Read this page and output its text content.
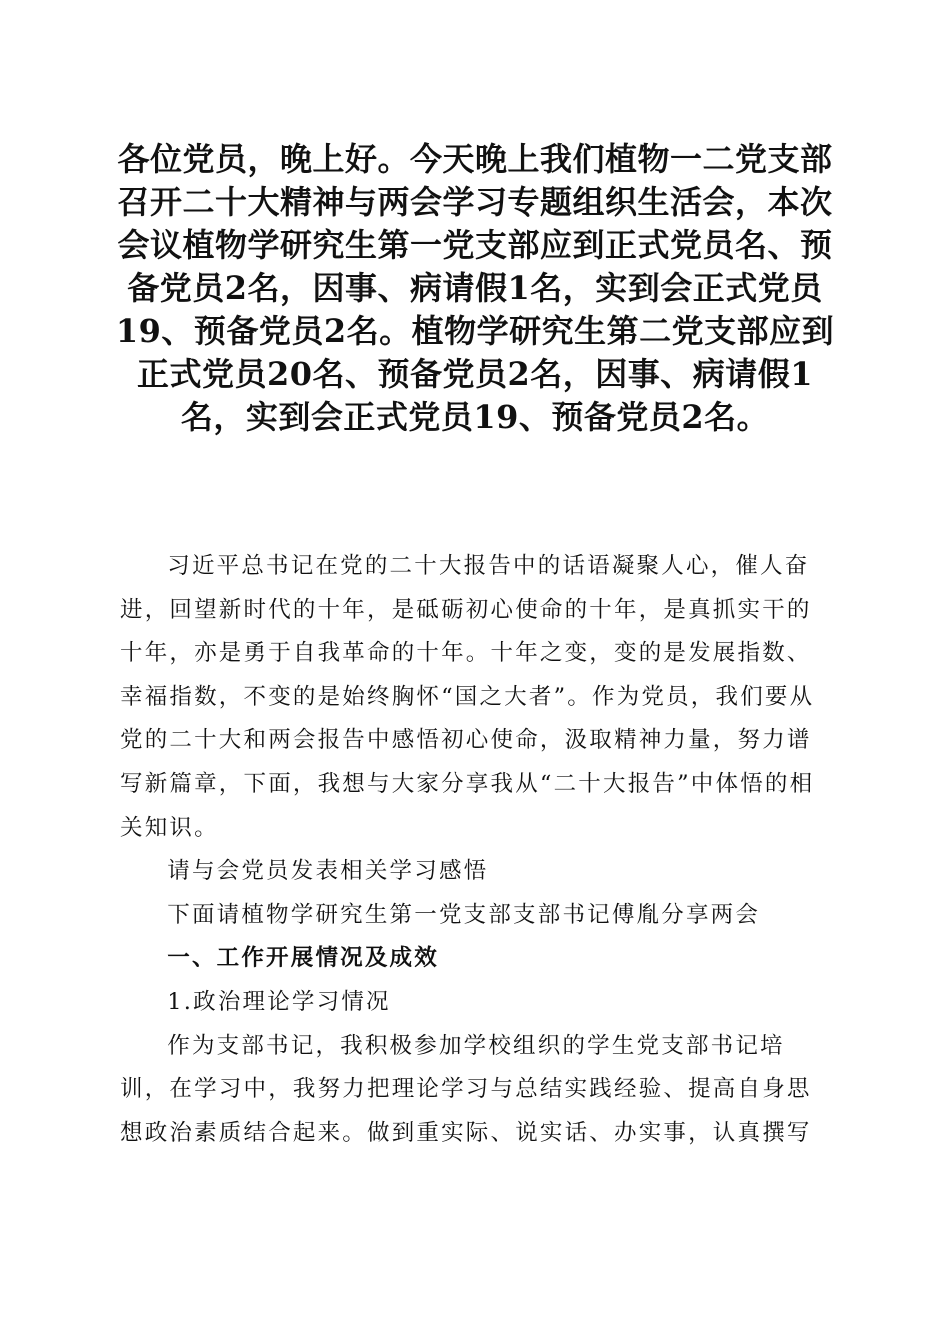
各位党员，晚上好。今天晚上我们植物一二党支部召开二十大精神与两会学习专题组织生活会，本次会议植物学研究生第一党支部应到正式党员名、预备党员2名，因事、病请假1名，实到会正式党员19、预备党员2名。植物学研究生第二党支部应到正式党员20名、预备党员2名，因事、病请假1名，实到会正式党员19、预备党员2名。

习近平总书记在党的二十大报告中的话语凝聚人心，催人奋进，回望新时代的十年，是砥砺初心使命的十年，是真抓实干的十年，亦是勇于自我革命的十年。十年之变，变的是发展指数、幸福指数，不变的是始终胸怀“国之大者”。作为党员，我们要从党的二十大和两会报告中感悟初心使命，汲取精神力量，努力谱写新篇章，下面，我想与大家分享我从“二十大报告”中体悟的相关知识。

请与会党员发表相关学习感悟

下面请植物学研究生第一党支部支部书记傅胤分享两会

一、工作开展情况及成效

1.政治理论学习情况

作为支部书记，我积极参加学校组织的学生党支部书记培训，在学习中，我努力把理论学习与总结实践经验、提高自身思想政治素质结合起来。做到重实际、说实话、办实事，认真撰写
